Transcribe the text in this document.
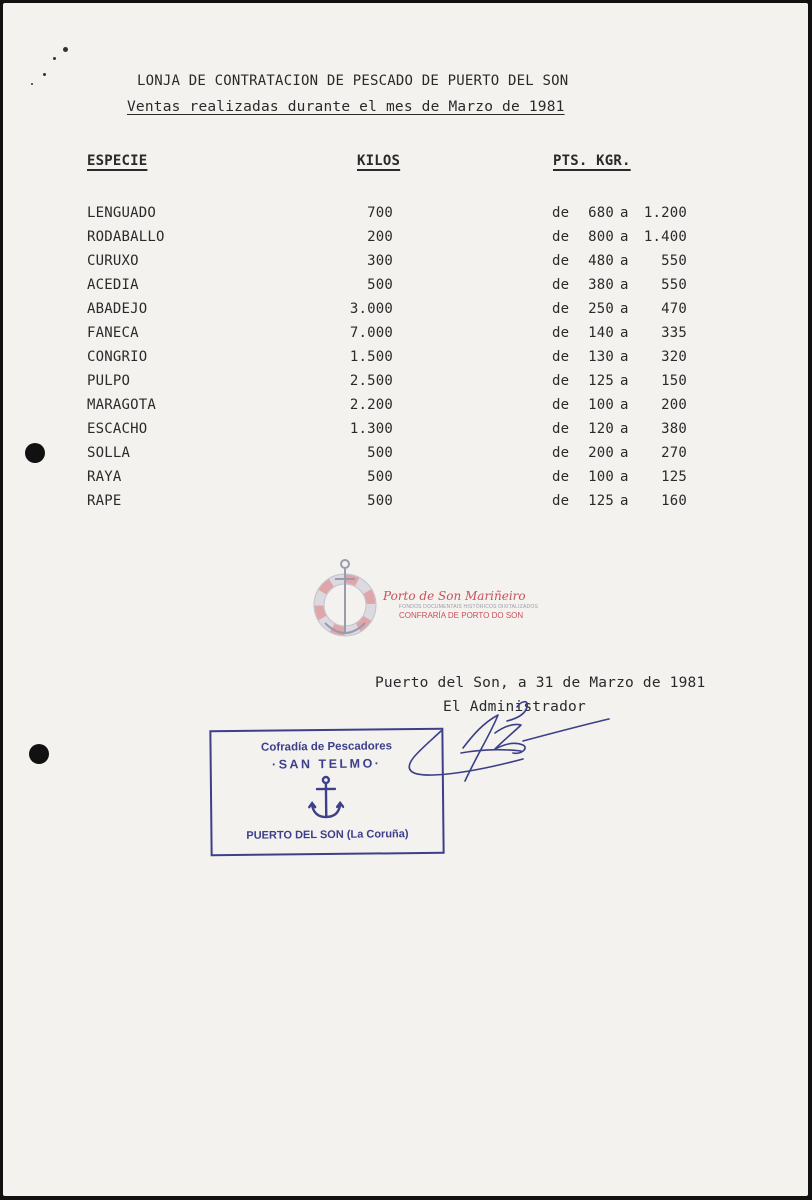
LONJA DE CONTRATACION DE PESCADO DE PUERTO DEL SON
Ventas realizadas durante el mes de Marzo de 1981
ESPECIE	KILOS	PTS. KGR.
LENGUADO	700	de	680 a	1.200
RODABALLO	200	de	800 a	1.400
CURUXO	300	de	480 a	550
ACEDIA	500	de	380 a	550
ABADEJO	3.000	de	250 a	470
FANECA	7.000	de	140 a	335
CONGRIO	1.500	de	130 a	320
PULPO	2.500	de	125 a	150
MARAGOTA	2.200	de	100 a	200
ESCACHO	1.300	de	120 a	380
SOLLA	500	de	200 a	270
RAYA	500	de	100 a	125
RAPE	500	de	125 a	160
Porto de Son Mariñeiro
FONDOS DOCUMENTAIS HISTÓRICOS DIXITALIZADOS
CONFRARÍA DE PORTO DO SON
Puerto del Son, a 31 de Marzo de 1981
El Administrador
Cofradía de Pescadores
·SAN TELMO·
PUERTO DEL SON (La Coruña)
